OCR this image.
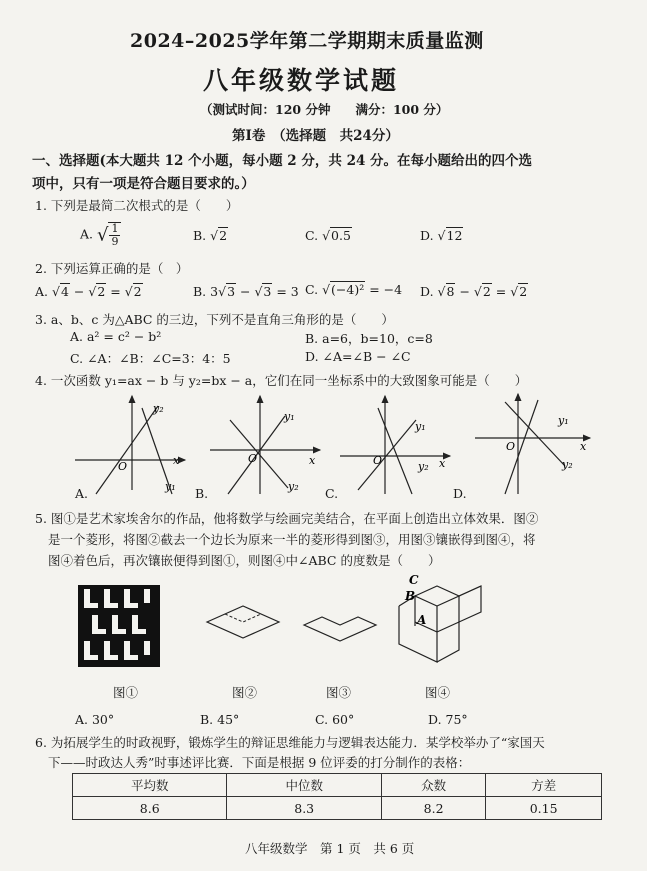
2024–2025学年第二学期期末质量监测
八年级数学试题
（测试时间：120 分钟　　满分：100 分）
第Ⅰ卷　（选择题　共24分）
一、选择题(本大题共 12 个小题，每小题 2 分，共 24 分。在每小题给出的四个选
项中，只有一项是符合题目要求的。）
1. 下列是最简二次根式的是（　　）
A. √ $\frac{1}{9}$	B. √2	C. √0.5	D. √12
2. 下列运算正确的是（　）
A. √4 − √2 = √2	B. 3√3 − √3 = 3 C. √(−4)² = −4 D. √8 − √2 = √2
3. a、b、c 为△ABC 的三边，下列不是直角三角形的是（　　）
A. a² = c² − b²	B. a=6，b=10，c=8
C. ∠A：∠B：∠C=3：4：5	D. ∠A=∠B − ∠C
4. 一次函数 y₁=ax − b 与 y₂=bx − a，它们在同一坐标系中的大致图象可能是（　　）
x
O
y₂
y₁
x
O
y₁
y₂
x
O
y₁
y₂
x
O
y₁
y₂
A.	B.	C.	D.
5. 图①是艺术家埃舍尔的作品，他将数学与绘画完美结合，在平面上创造出立体效果．图②
是一个菱形，将图②截去一个边长为原来一半的菱形得到图③，用图③镶嵌得到图④，将
图④着色后，再次镶嵌便得到图①，则图④中∠ABC 的度数是（　　）
B
C
A
图①	图②	图③	图④
A. 30°	B. 45°	C. 60°	D. 75°
6. 为拓展学生的时政视野，锻炼学生的辩证思维能力与逻辑表达能力．某学校举办了“家国天
下——时政达人秀”时事述评比赛．下面是根据 9 位评委的打分制作的表格：
平均数	中位数	众数	方差
8.6	8.3	8.2	0.15
八年级数学　第 1 页　共 6 页
